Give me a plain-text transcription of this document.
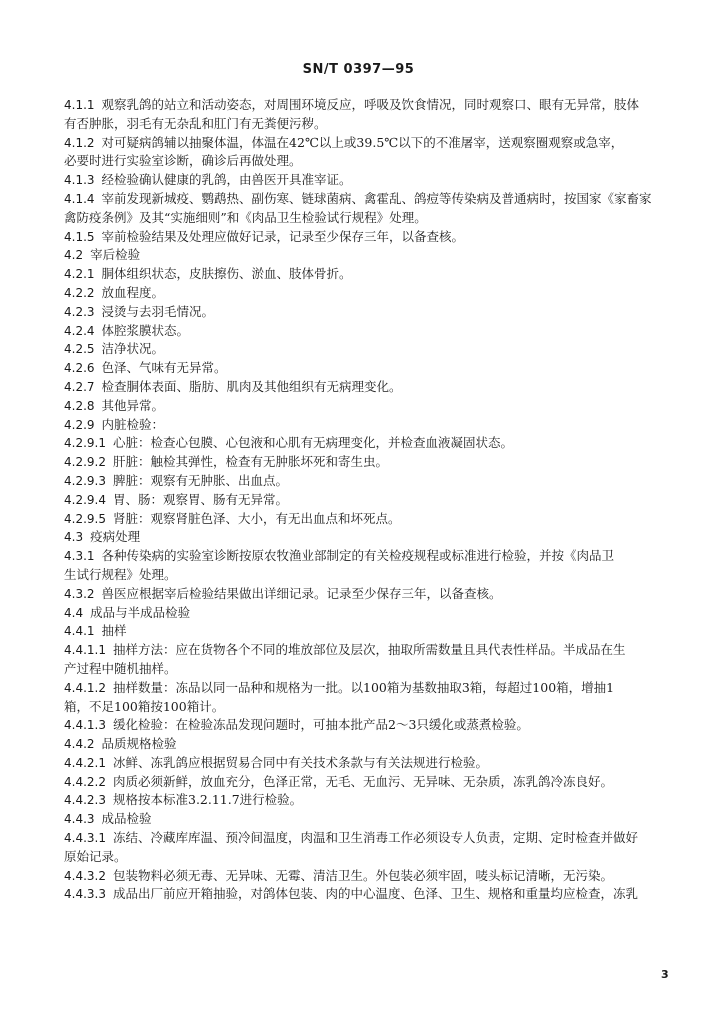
SN/T 0397—95

4.1.1 观察乳鸽的站立和活动姿态，对周围环境反应，呼吸及饮食情况，同时观察口、眼有无异常，肢体

有否肿胀，羽毛有无杂乱和肛门有无粪便污秽。

4.1.2 对可疑病鸽辅以抽聚体温，体温在42℃以上或39.5℃以下的不准屠宰，送观察圈观察或急宰，

必要时进行实验室诊断，确诊后再做处理。

4.1.3 经检验确认健康的乳鸽，由兽医开具准宰证。

4.1.4 宰前发现新城疫、鹦鹉热、副伤寒、链球菌病、禽霍乱、鸽痘等传染病及普通病时，按国家《家畜家

禽防疫条例》及其“实施细则”和《肉品卫生检验试行规程》处理。

4.1.5 宰前检验结果及处理应做好记录，记录至少保存三年，以备查核。

4.2 宰后检验

4.2.1 胴体组织状态，皮肤擦伤、淤血、肢体骨折。

4.2.2 放血程度。

4.2.3 浸烫与去羽毛情况。

4.2.4 体腔浆膜状态。

4.2.5 洁净状况。

4.2.6 色泽、气味有无异常。

4.2.7 检查胴体表面、脂肪、肌肉及其他组织有无病理变化。

4.2.8 其他异常。

4.2.9 内脏检验：

4.2.9.1 心脏：检查心包膜、心包液和心肌有无病理变化，并检查血液凝固状态。

4.2.9.2 肝脏：触检其弹性，检查有无肿胀坏死和寄生虫。

4.2.9.3 脾脏：观察有无肿胀、出血点。

4.2.9.4 胃、肠：观察胃、肠有无异常。

4.2.9.5 肾脏：观察肾脏色泽、大小，有无出血点和坏死点。

4.3 疫病处理

4.3.1 各种传染病的实验室诊断按原农牧渔业部制定的有关检疫规程或标准进行检验，并按《肉品卫

生试行规程》处理。

4.3.2 兽医应根据宰后检验结果做出详细记录。记录至少保存三年，以备查核。

4.4 成品与半成品检验

4.4.1 抽样

4.4.1.1 抽样方法：应在货物各个不同的堆放部位及层次，抽取所需数量且具代表性样品。半成品在生

产过程中随机抽样。

4.4.1.2 抽样数量：冻品以同一品种和规格为一批。以100箱为基数抽取3箱，每超过100箱，增抽1

箱，不足100箱按100箱计。

4.4.1.3 缓化检验：在检验冻品发现问题时，可抽本批产品2～3只缓化或蒸煮检验。

4.4.2 品质规格检验

4.4.2.1 冰鲜、冻乳鸽应根据贸易合同中有关技术条款与有关法规进行检验。

4.4.2.2 肉质必须新鲜，放血充分，色泽正常，无毛、无血污、无异味、无杂质，冻乳鸽冷冻良好。

4.4.2.3 规格按本标准3.2.11.7进行检验。

4.4.3 成品检验

4.4.3.1 冻结、冷藏库库温、预冷间温度，肉温和卫生消毒工作必须设专人负责，定期、定时检查并做好

原始记录。

4.4.3.2 包装物料必须无毒、无异味、无霉、清洁卫生。外包装必须牢固，唛头标记清晰，无污染。

4.4.3.3 成品出厂前应开箱抽验，对鸽体包装、肉的中心温度、色泽、卫生、规格和重量均应检查，冻乳

3
